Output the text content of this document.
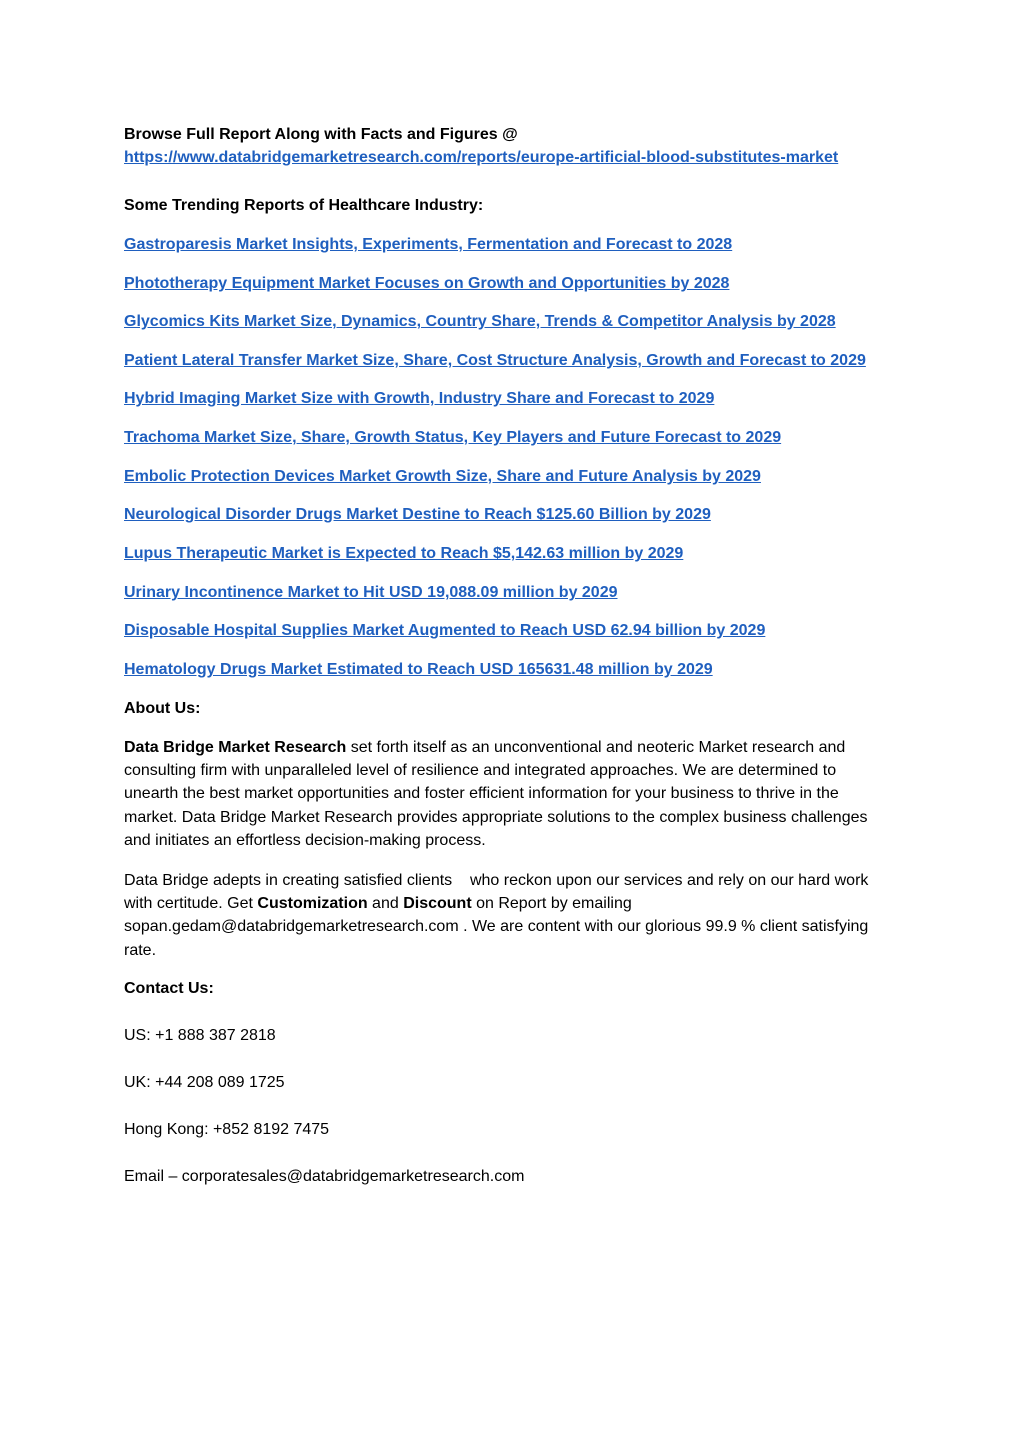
Browse Full Report Along with Facts and Figures @
https://www.databridgemarketresearch.com/reports/europe-artificial-blood-substitutes-market
Some Trending Reports of Healthcare Industry:
Gastroparesis Market Insights, Experiments, Fermentation and Forecast to 2028
Phototherapy Equipment Market Focuses on Growth and Opportunities by 2028
Glycomics Kits Market Size, Dynamics, Country Share, Trends & Competitor Analysis by 2028
Patient Lateral Transfer Market Size, Share, Cost Structure Analysis, Growth and Forecast to 2029
Hybrid Imaging Market Size with Growth, Industry Share and Forecast to 2029
Trachoma Market Size, Share, Growth Status, Key Players and Future Forecast to 2029
Embolic Protection Devices Market Growth Size, Share and Future Analysis by 2029
Neurological Disorder Drugs Market Destine to Reach $125.60 Billion by 2029
Lupus Therapeutic Market is Expected to Reach $5,142.63 million by 2029
Urinary Incontinence Market to Hit USD 19,088.09 million by 2029
Disposable Hospital Supplies Market Augmented to Reach USD 62.94 billion by 2029
Hematology Drugs Market Estimated to Reach USD 165631.48 million by 2029
About Us:

Data Bridge Market Research set forth itself as an unconventional and neoteric Market research and consulting firm with unparalleled level of resilience and integrated approaches. We are determined to unearth the best market opportunities and foster efficient information for your business to thrive in the market. Data Bridge Market Research provides appropriate solutions to the complex business challenges and initiates an effortless decision-making process.

Data Bridge adepts in creating satisfied clients    who reckon upon our services and rely on our hard work with certitude. Get Customization and Discount on Report by emailing sopan.gedam@databridgemarketresearch.com . We are content with our glorious 99.9 % client satisfying rate.

Contact Us:
US: +1 888 387 2818
UK: +44 208 089 1725
Hong Kong: +852 8192 7475
Email – corporatesales@databridgemarketresearch.com
